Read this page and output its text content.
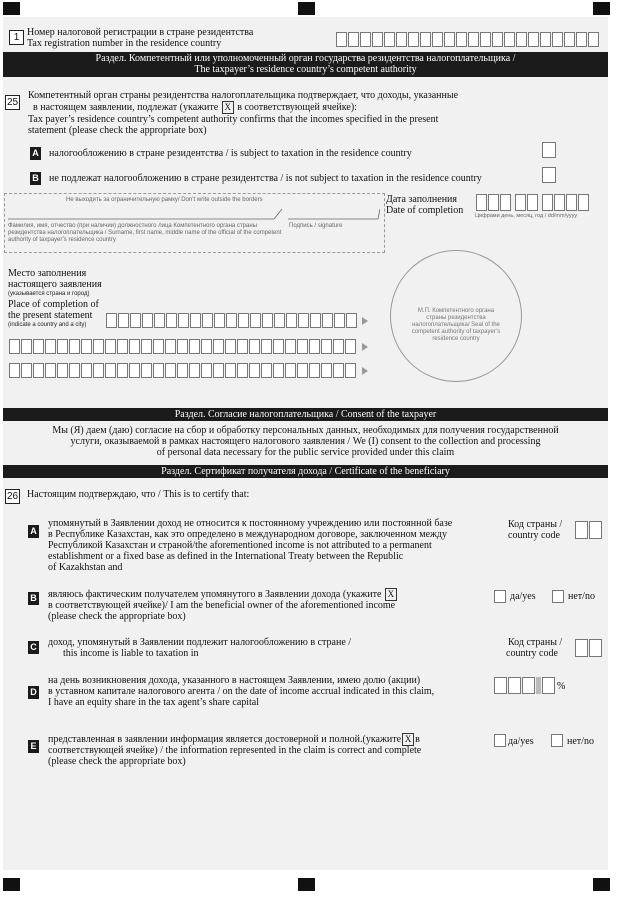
1 Номер налоговой регистрации в стране резидентства
Tax registration number in the residence country
Раздел. Компетентный или уполномоченный орган государства резидентства налогоплательщика /
The taxpayer’s residence country’s competent authority
25
Компетентный орган страны резидентства налогоплательщика подтверждает, что доходы, указанные
в настоящем заявлении, подлежат (укажите X в соответствующей ячейке):
Tax payer’s residence country’s competent authority confirms that the incomes specified in the present
statement (please check the appropriate box)
A налогообложению в стране резидентства / is subject to taxation in the residence country
B не подлежат налогообложению в стране резидентства / is not subject to taxation in the residence country
Не выходить за ограничительную рамку/ Don’t write outside the borders
Фамилия, имя, отчество (при наличии) должностного лица Компетентного органа страны резидентства налогоплательщика / Surname, first name, middle name of the official of the competent authority of taxpayer’s residence country
Подпись / signature
Дата заполнения
Date of completion Цифрами день, месяц, год / dd/mm/yyyy
Место заполнения
настоящего заявления
(указывается страна и город)
Place of completion of
the present statement
(indicate a country and a city)
М.П. Компетентного органа страны резидентства налогоплательщика/ Seal of the competent authority of taxpayer’s residence country
Раздел. Согласие налогоплательщика / Consent of the taxpayer
Мы (Я) даем (даю) согласие на сбор и обработку персональных данных, необходимых для получения государственной
услуги, оказываемой в рамках настоящего налогового заявления / We (I) consent to the collection and processing
of personal data necessary for the public service provided under this claim
Раздел. Сертификат получателя дохода / Certificate of the beneficiary
26 Настоящим подтверждаю, что / This is to certify that:
A
упомянутый в Заявлении доход не относится к постоянному учреждению или постоянной базе
в Республике Казахстан, как это определено в международном договоре, заключенном между
Республикой Казахстан и страной/the aforementioned income is not attributed to a permanent
establishment or a fixed base as defined in the International Treaty between the Republic
of Kazakhstan and
Код страны /
country code
B являюсь фактическим получателем упомянутого в Заявлении дохода (укажите X
в соответствующей ячейке)/ I am the beneficial owner of the aforementioned income
(please check the appropriate box)
да/yes	нет/no
C доход, упомянутый в Заявлении подлежит налогообложению в стране /
this income is liable to taxation in
Код страны /
country code
D
на день возникновения дохода, указанного в настоящем Заявлении, имею долю (акции)
в уставном капитале налогового агента / on the date of income accrual indicated in this claim,
I have an equity share in the tax agent’s share capital
%
E
представленная в заявлении информация является достоверной и полной.(укажите X в
соответствующей ячейке) / the information represented in the claim is correct and complete
(please check the appropriate box)
да/yes	нет/no
